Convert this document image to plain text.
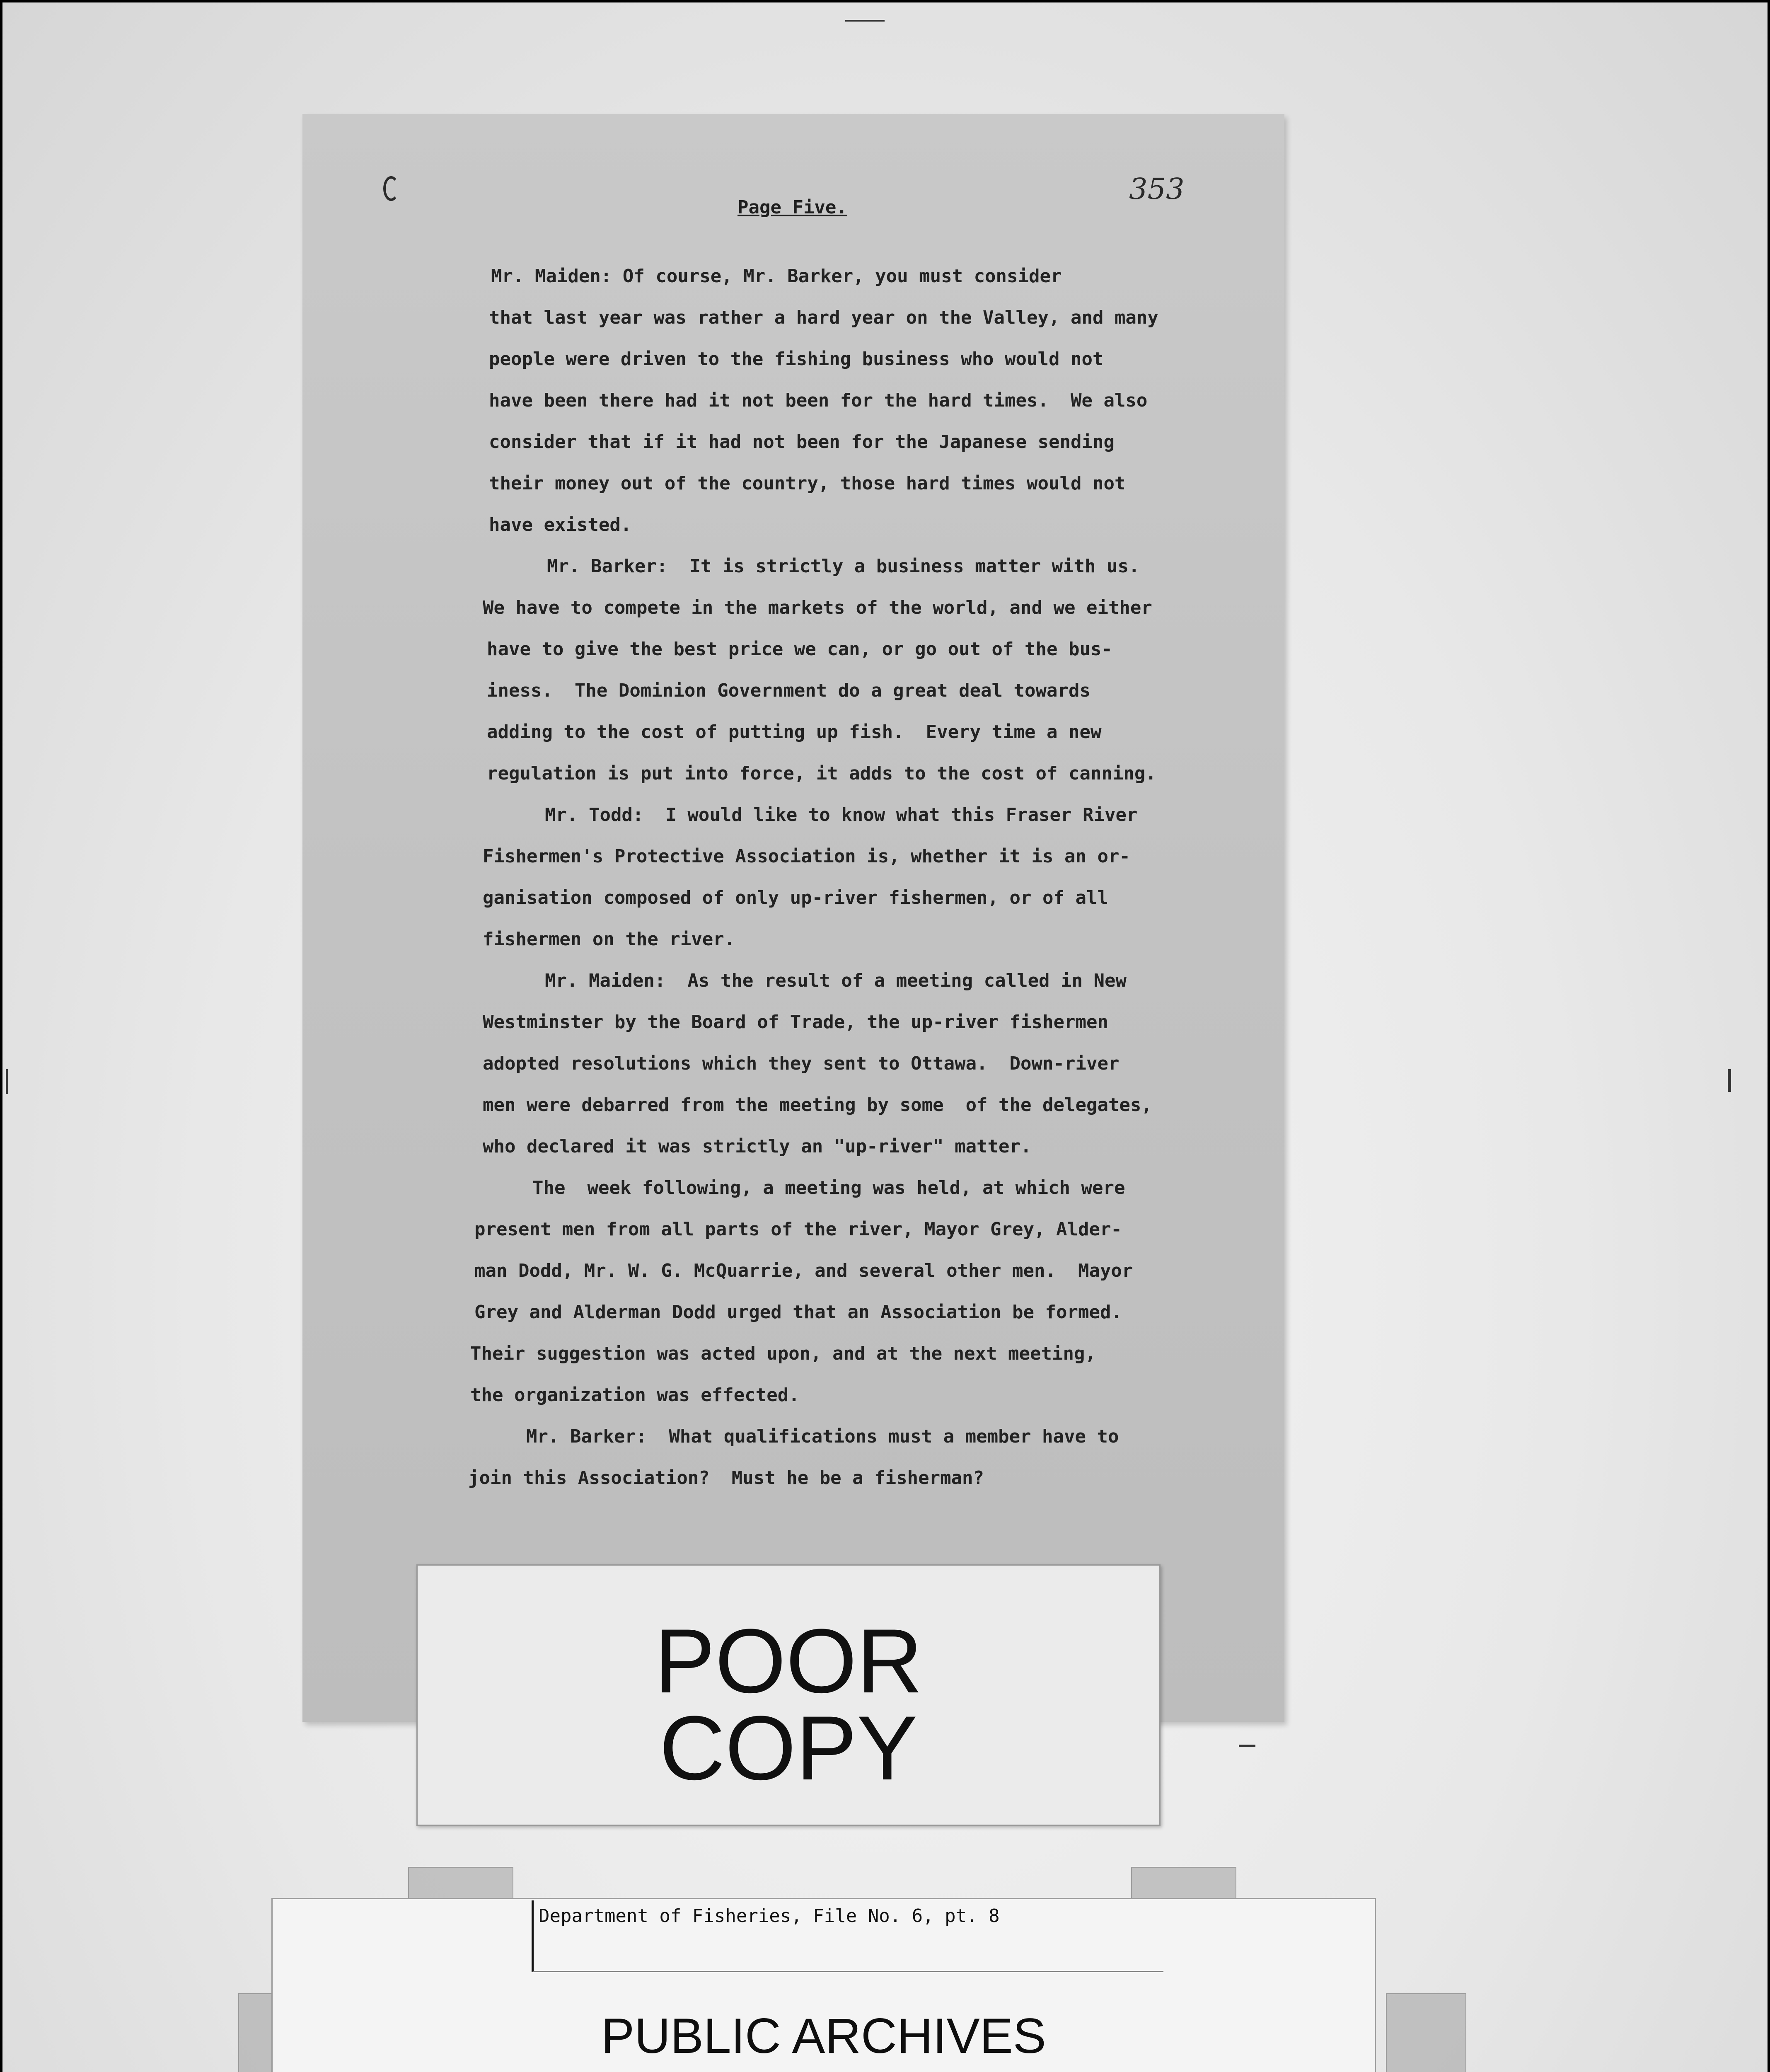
Page Five.
353
Mr. Maiden: Of course, Mr. Barker, you must consider
that last year was rather a hard year on the Valley, and many
people were driven to the fishing business who would not
have been there had it not been for the hard times.  We also
consider that if it had not been for the Japanese sending
their money out of the country, those hard times would not
have existed.
Mr. Barker:  It is strictly a business matter with us.
We have to compete in the markets of the world, and we either
have to give the best price we can, or go out of the bus-
iness.  The Dominion Government do a great deal towards
adding to the cost of putting up fish.  Every time a new
regulation is put into force, it adds to the cost of canning.
Mr. Todd:  I would like to know what this Fraser River
Fishermen's Protective Association is, whether it is an or-
ganisation composed of only up-river fishermen, or of all
fishermen on the river.
Mr. Maiden:  As the result of a meeting called in New
Westminster by the Board of Trade, the up-river fishermen
adopted resolutions which they sent to Ottawa.  Down-river
men were debarred from the meeting by some  of the delegates,
who declared it was strictly an "up-river" matter.
The  week following, a meeting was held, at which were
present men from all parts of the river, Mayor Grey, Alder-
man Dodd, Mr. W. G. McQuarrie, and several other men.  Mayor
Grey and Alderman Dodd urged that an Association be formed.
Their suggestion was acted upon, and at the next meeting,
the organization was effected.
Mr. Barker:  What qualifications must a member have to
join this Association?  Must he be a fisherman?
POOR
COPY
Department of Fisheries, File No. 6, pt. 8
PUBLIC ARCHIVES
